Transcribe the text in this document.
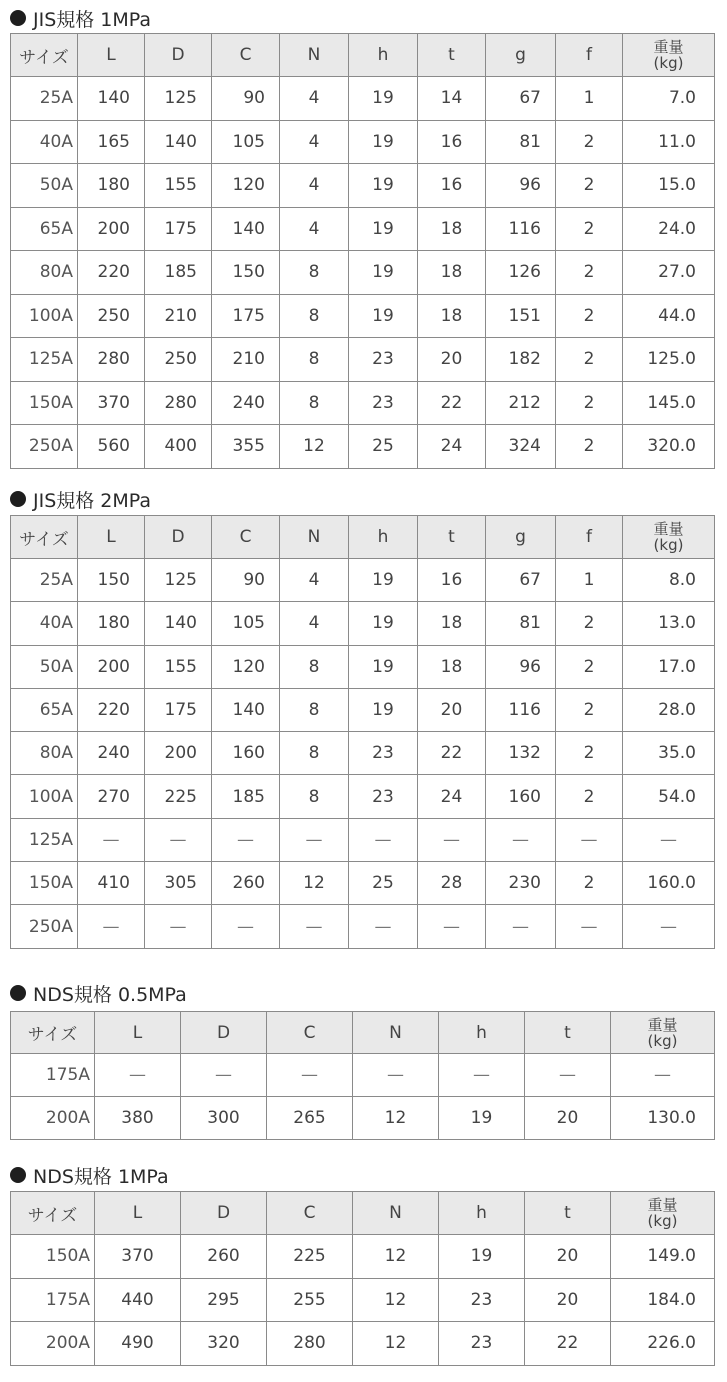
JIS規格 1MPa
サイズ	L	D	C	N	h	t	g	f	重量
(kg)
25A	140	125	90	4	19	14	67	1	7.0
40A	165	140	105	4	19	16	81	2	11.0
50A	180	155	120	4	19	16	96	2	15.0
65A	200	175	140	4	19	18	116	2	24.0
80A	220	185	150	8	19	18	126	2	27.0
100A	250	210	175	8	19	18	151	2	44.0
125A	280	250	210	8	23	20	182	2	125.0
150A	370	280	240	8	23	22	212	2	145.0
250A	560	400	355	12	25	24	324	2	320.0
JIS規格 2MPa
サイズ	L	D	C	N	h	t	g	f	重量
(kg)
25A	150	125	90	4	19	16	67	1	8.0
40A	180	140	105	4	19	18	81	2	13.0
50A	200	155	120	8	19	18	96	2	17.0
65A	220	175	140	8	19	20	116	2	28.0
80A	240	200	160	8	23	22	132	2	35.0
100A	270	225	185	8	23	24	160	2	54.0
125A	—	—	—	—	—	—	—	—	—
150A	410	305	260	12	25	28	230	2	160.0
250A	—	—	—	—	—	—	—	—	—
NDS規格 0.5MPa
サイズ	L	D	C	N	h	t	重量
(kg)
175A	—	—	—	—	—	—	—
200A	380	300	265	12	19	20	130.0
NDS規格 1MPa
サイズ	L	D	C	N	h	t	重量
(kg)
150A	370	260	225	12	19	20	149.0
175A	440	295	255	12	23	20	184.0
200A	490	320	280	12	23	22	226.0
